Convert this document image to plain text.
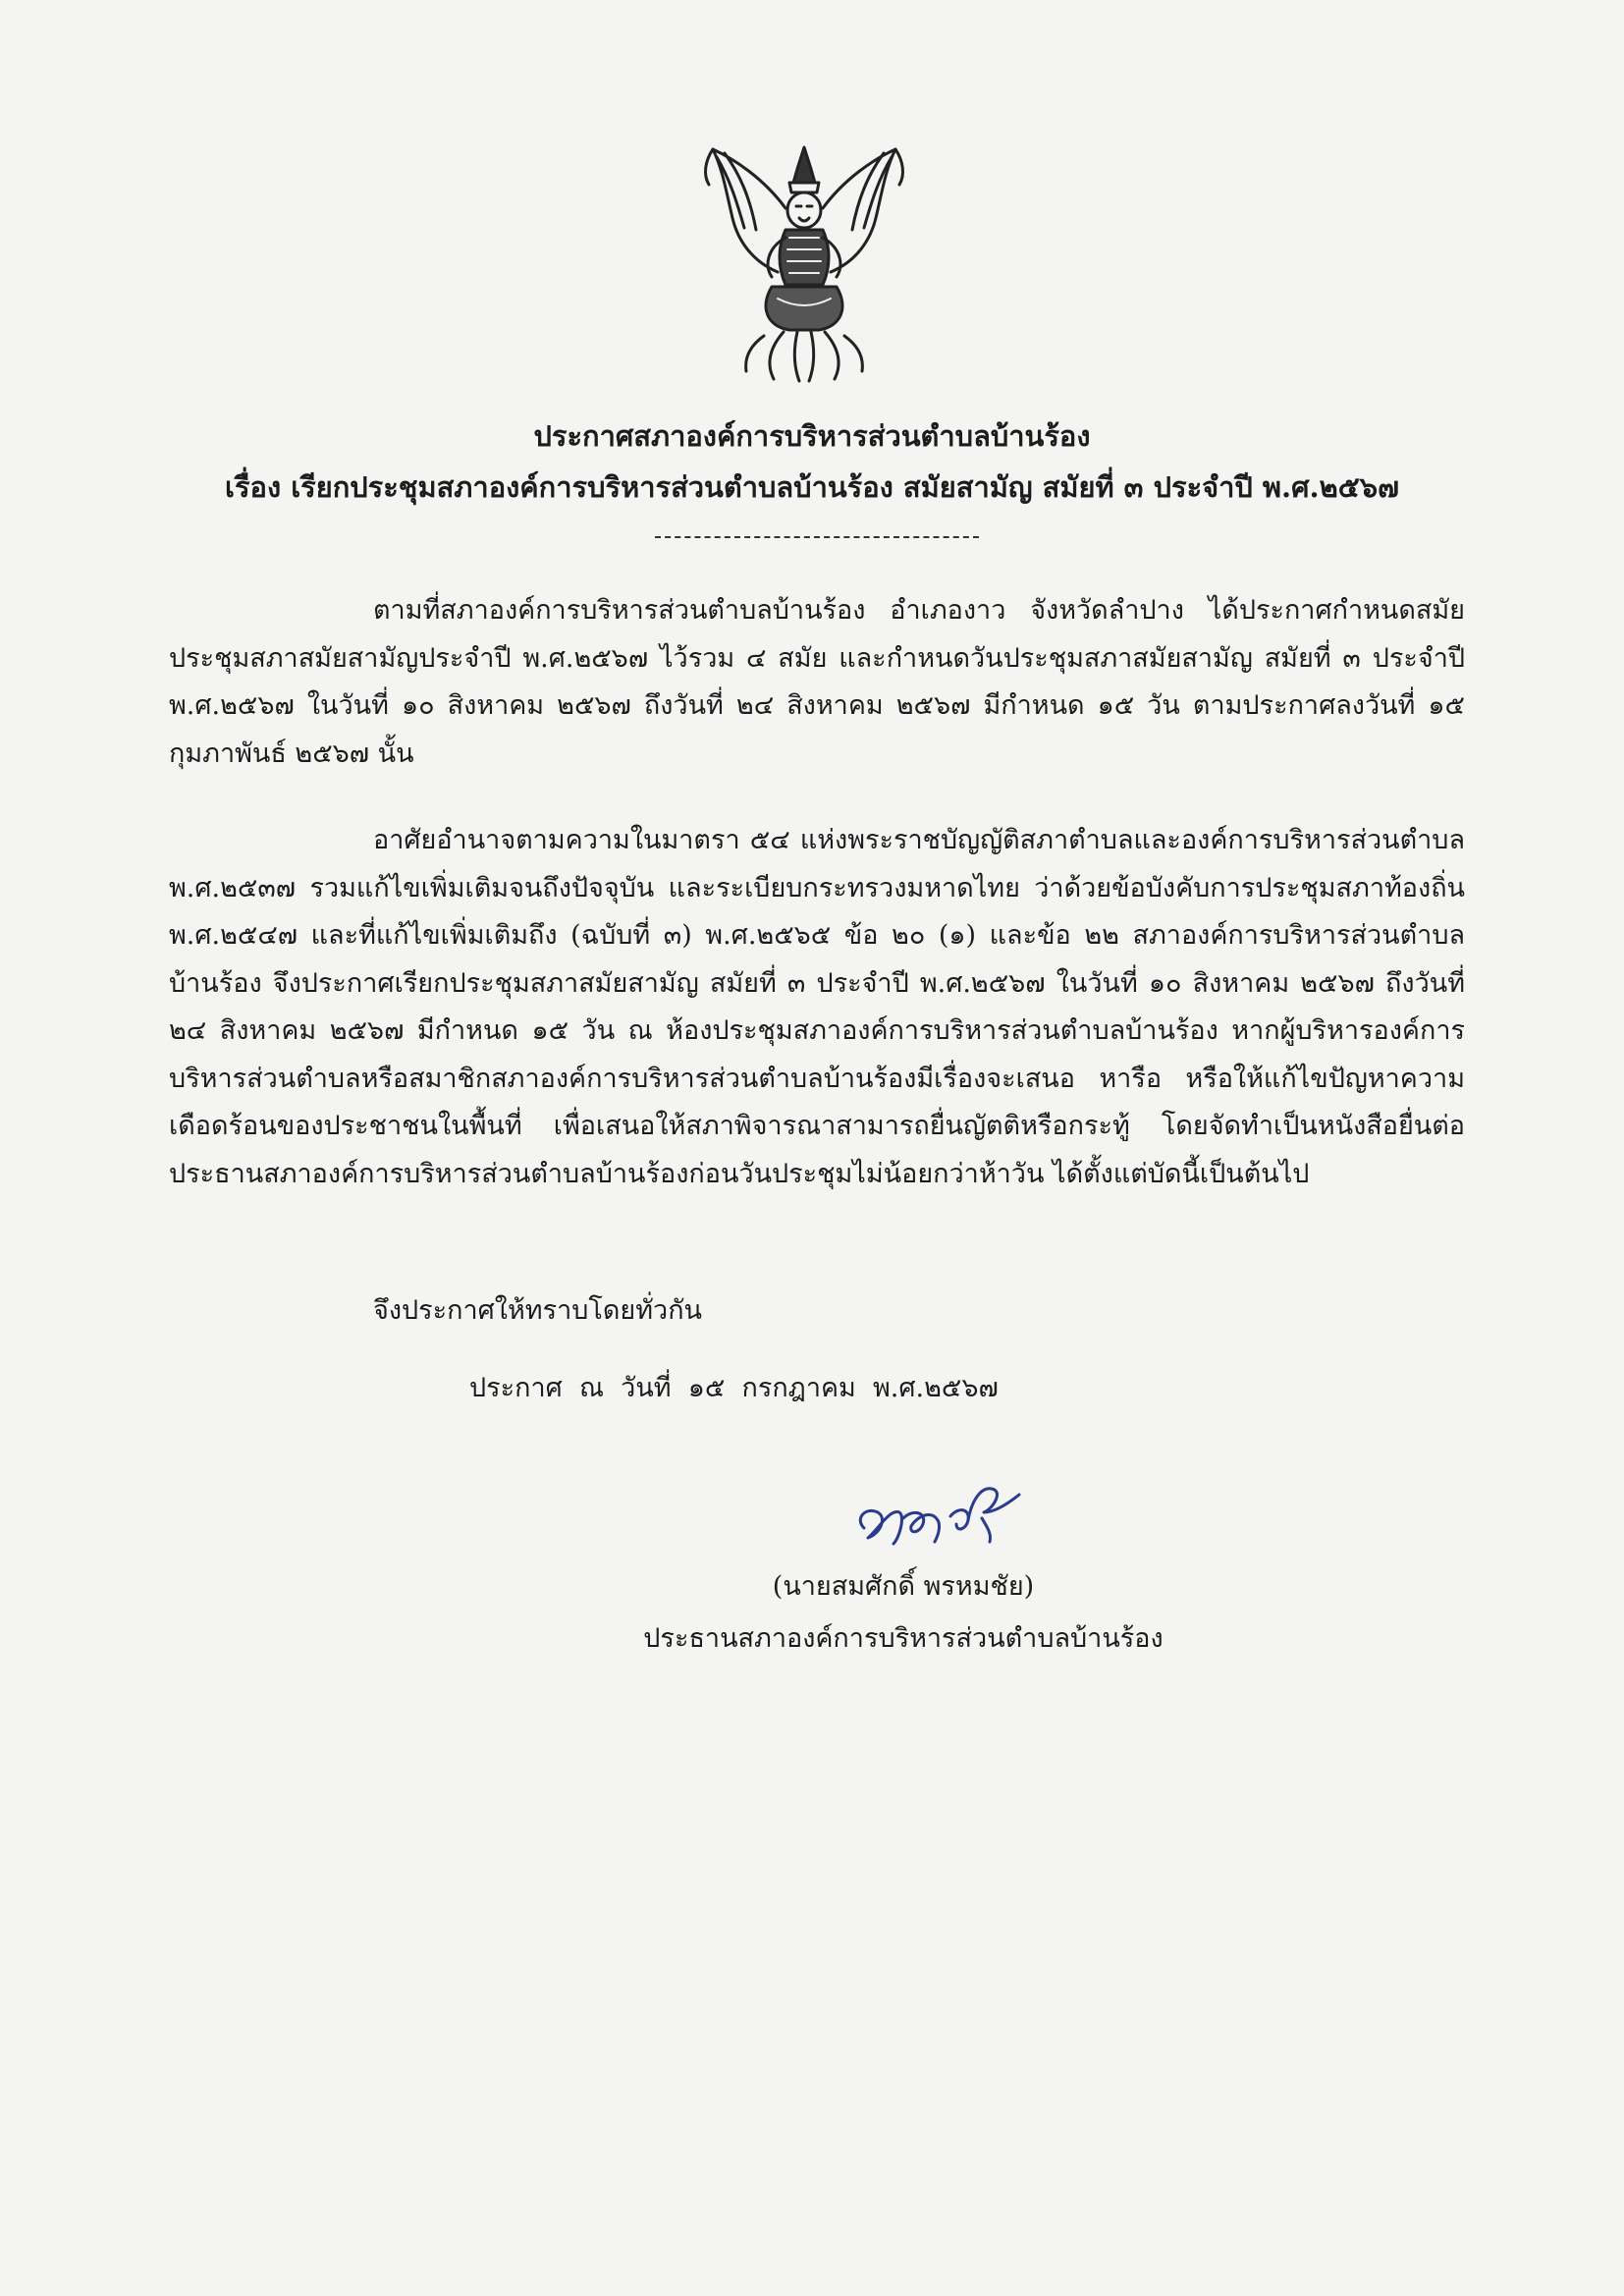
ประกาศสภาองค์การบริหารส่วนตำบลบ้านร้อง
เรื่อง เรียกประชุมสภาองค์การบริหารส่วนตำบลบ้านร้อง สมัยสามัญ สมัยที่ ๓ ประจำปี พ.ศ.๒๕๖๗
ตามที่สภาองค์การบริหารส่วนตำบลบ้านร้อง อำเภองาว จังหวัดลำปาง ได้ประกาศกำหนดสมัยประชุมสภาสมัยสามัญประจำปี พ.ศ.๒๕๖๗ ไว้รวม ๔ สมัย และกำหนดวันประชุมสภาสมัยสามัญ สมัยที่ ๓ ประจำปี พ.ศ.๒๕๖๗ ในวันที่ ๑๐ สิงหาคม ๒๕๖๗ ถึงวันที่ ๒๔ สิงหาคม ๒๕๖๗ มีกำหนด ๑๕ วัน ตามประกาศลงวันที่ ๑๕ กุมภาพันธ์ ๒๕๖๗ นั้น
อาศัยอำนาจตามความในมาตรา ๕๔ แห่งพระราชบัญญัติสภาตำบลและองค์การบริหารส่วนตำบล พ.ศ.๒๕๓๗ รวมแก้ไขเพิ่มเติมจนถึงปัจจุบัน และระเบียบกระทรวงมหาดไทย ว่าด้วยข้อบังคับการประชุมสภาท้องถิ่น พ.ศ.๒๕๔๗ และที่แก้ไขเพิ่มเติมถึง (ฉบับที่ ๓) พ.ศ.๒๕๖๕ ข้อ ๒๐ (๑) และข้อ ๒๒ สภาองค์การบริหารส่วนตำบลบ้านร้อง จึงประกาศเรียกประชุมสภาสมัยสามัญ สมัยที่ ๓ ประจำปี พ.ศ.๒๕๖๗ ในวันที่ ๑๐ สิงหาคม ๒๕๖๗ ถึงวันที่ ๒๔ สิงหาคม ๒๕๖๗ มีกำหนด ๑๕ วัน ณ ห้องประชุมสภาองค์การบริหารส่วนตำบลบ้านร้อง หากผู้บริหารองค์การบริหารส่วนตำบลหรือสมาชิกสภาองค์การบริหารส่วนตำบลบ้านร้องมีเรื่องจะเสนอ หารือ หรือให้แก้ไขปัญหาความเดือดร้อนของประชาชนในพื้นที่ เพื่อเสนอให้สภาพิจารณาสามารถยื่นญัตติหรือกระทู้ โดยจัดทำเป็นหนังสือยื่นต่อประธานสภาองค์การบริหารส่วนตำบลบ้านร้องก่อนวันประชุมไม่น้อยกว่าห้าวัน ได้ตั้งแต่บัดนี้เป็นต้นไป
จึงประกาศให้ทราบโดยทั่วกัน
ประกาศ  ณ  วันที่  ๑๕  กรกฎาคม  พ.ศ.๒๕๖๗
(นายสมศักดิ์ พรหมชัย)
ประธานสภาองค์การบริหารส่วนตำบลบ้านร้อง
